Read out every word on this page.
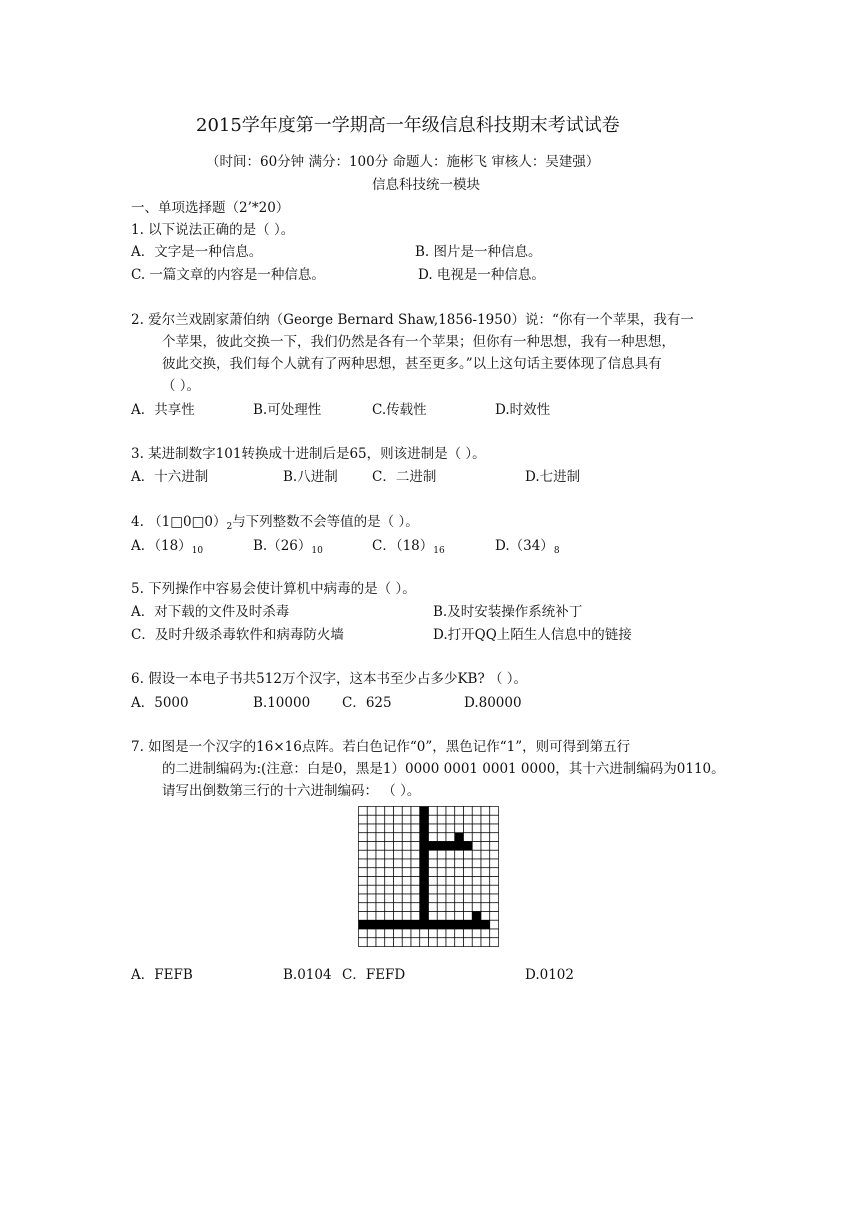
2015学年度第一学期高一年级信息科技期末考试试卷
（时间：60分钟 满分：100分 命题人：施彬飞 审核人：吴建强）
信息科技统一模块
一、单项选择题（2’*20）
1. 以下说法正确的是（ ）。
A．文字是一种信息。	B. 图片是一种信息。
C. 一篇文章的内容是一种信息。	D. 电视是一种信息。
2. 爱尔兰戏剧家萧伯纳（George Bernard Shaw,1856-1950）说：“你有一个苹果，我有一
个苹果，彼此交换一下，我们仍然是各有一个苹果；但你有一种思想，我有一种思想，
彼此交换，我们每个人就有了两种思想，甚至更多。”以上这句话主要体现了信息具有
（ ）。
A．共享性	B.可处理性	C.传载性	D.时效性
3. 某进制数字101转换成十进制后是65，则该进制是（ ）。
A．十六进制	B.八进制	C．二进制	D.七进制
4. $(1□0□0)_2$与下列整数不会等值的是（ ）。
A．$(18)_{10}$	$B.(26)_{10}$	C．$(18)_{16}$	$D.(34)_8$
5. 下列操作中容易会使计算机中病毒的是（ ）。
A．对下载的文件及时杀毒	B.及时安装操作系统补丁
C．及时升级杀毒软件和病毒防火墙	D.打开QQ上陌生人信息中的链接
6. 假设一本电子书共512万个汉字，这本书至少占多少KB? （ ）。
A．5000	B.10000 C．625	D.80000
7. 如图是一个汉字的16×16点阵。若白色记作“0”，黑色记作“1”，则可得到第五行
的二进制编码为:(注意：白是0，黑是1）0000 0001 0001 0000，其十六进制编码为0110。
请写出倒数第三行的十六进制编码： （ ）。
A．FEFB	B.0104 C．FEFD	D.0102
